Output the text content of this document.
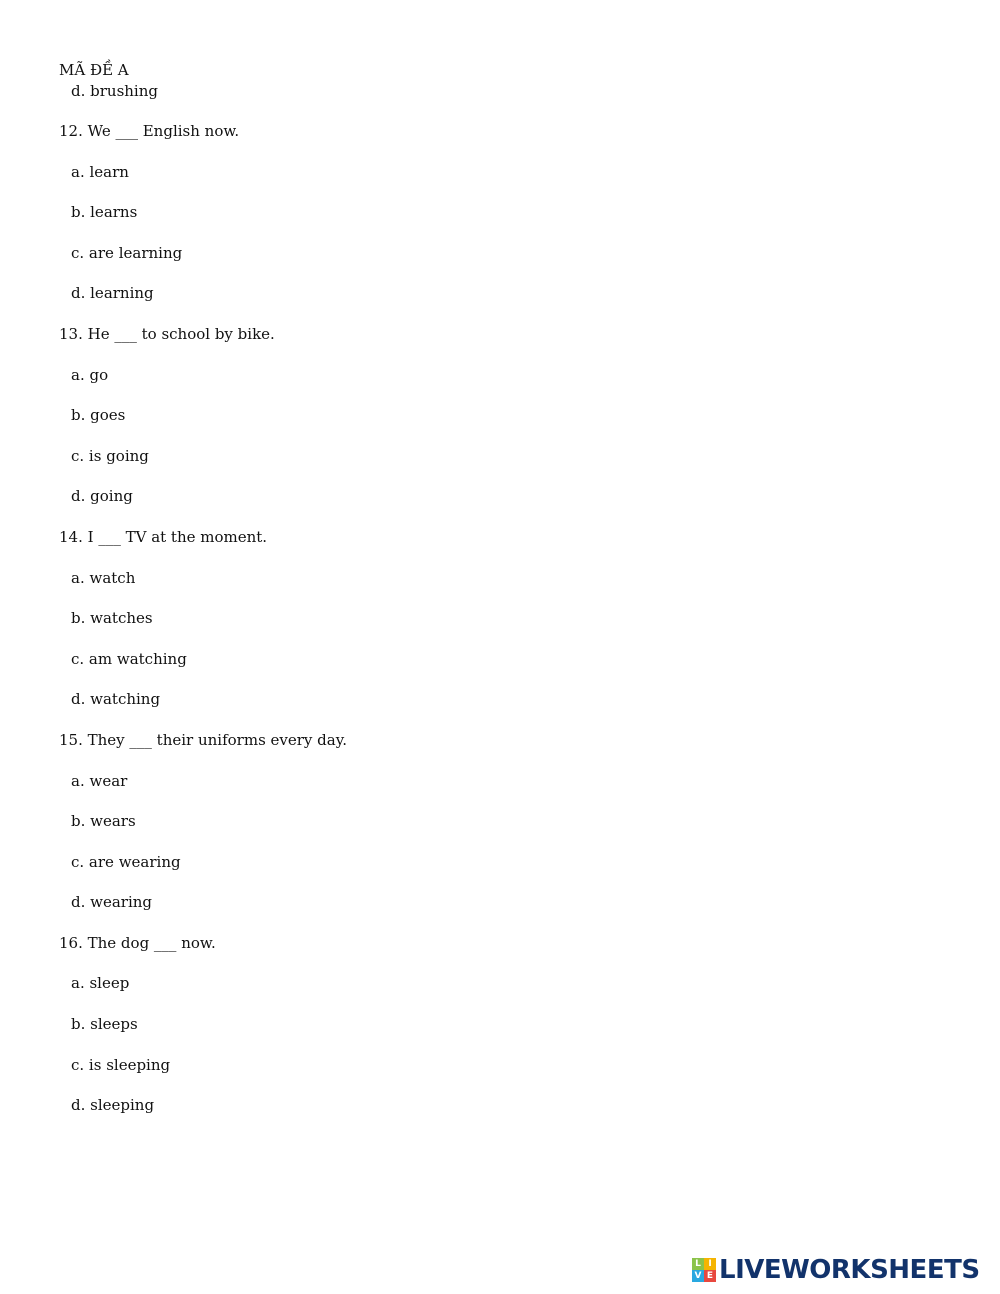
MÃ ĐỀ A
d. brushing
12. We ___ English now.
a. learn
b. learns
c. are learning
d. learning
13. He ___ to school by bike.
a. go
b. goes
c. is going
d. going
14. I ___ TV at the moment.
a. watch
b. watches
c. am watching
d. watching
15. They ___ their uniforms every day.
a. wear
b. wears
c. are wearing
d. wearing
16. The dog ___ now.
a. sleep
b. sleeps
c. is sleeping
d. sleeping
L I
V E LIVEWORKSHEETS
